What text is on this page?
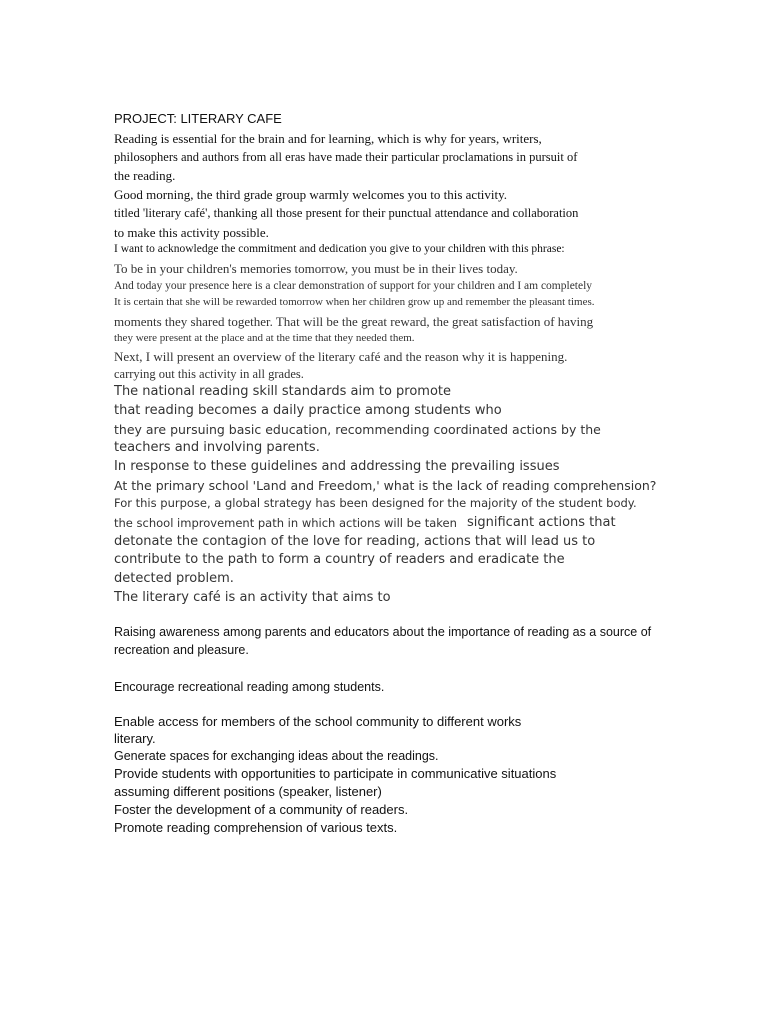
PROJECT: LITERARY CAFE

Reading is essential for the brain and for learning, which is why for years, writers,

philosophers and authors from all eras have made their particular proclamations in pursuit of

the reading.

Good morning, the third grade group warmly welcomes you to this activity.

titled 'literary café', thanking all those present for their punctual attendance and collaboration

to make this activity possible.

I want to acknowledge the commitment and dedication you give to your children with this phrase:

To be in your children's memories tomorrow, you must be in their lives today.

And today your presence here is a clear demonstration of support for your children and I am completely

It is certain that she will be rewarded tomorrow when her children grow up and remember the pleasant times.

moments they shared together. That will be the great reward, the great satisfaction of having

they were present at the place and at the time that they needed them.

Next, I will present an overview of the literary café and the reason why it is happening.

carrying out this activity in all grades.

The national reading skill standards aim to promote

that reading becomes a daily practice among students who

they are pursuing basic education, recommending coordinated actions by the

teachers and involving parents.

In response to these guidelines and addressing the prevailing issues

At the primary school 'Land and Freedom,' what is the lack of reading comprehension?

For this purpose, a global strategy has been designed for the majority of the student body.

the school improvement path in which actions will be taken significant actions that

detonate the contagion of the love for reading, actions that will lead us to

contribute to the path to form a country of readers and eradicate the

detected problem.

The literary café is an activity that aims to

Raising awareness among parents and educators about the importance of reading as a source of

recreation and pleasure.

Encourage recreational reading among students.

Enable access for members of the school community to different works

literary.

Generate spaces for exchanging ideas about the readings.

Provide students with opportunities to participate in communicative situations

assuming different positions (speaker, listener)

Foster the development of a community of readers.

Promote reading comprehension of various texts.
